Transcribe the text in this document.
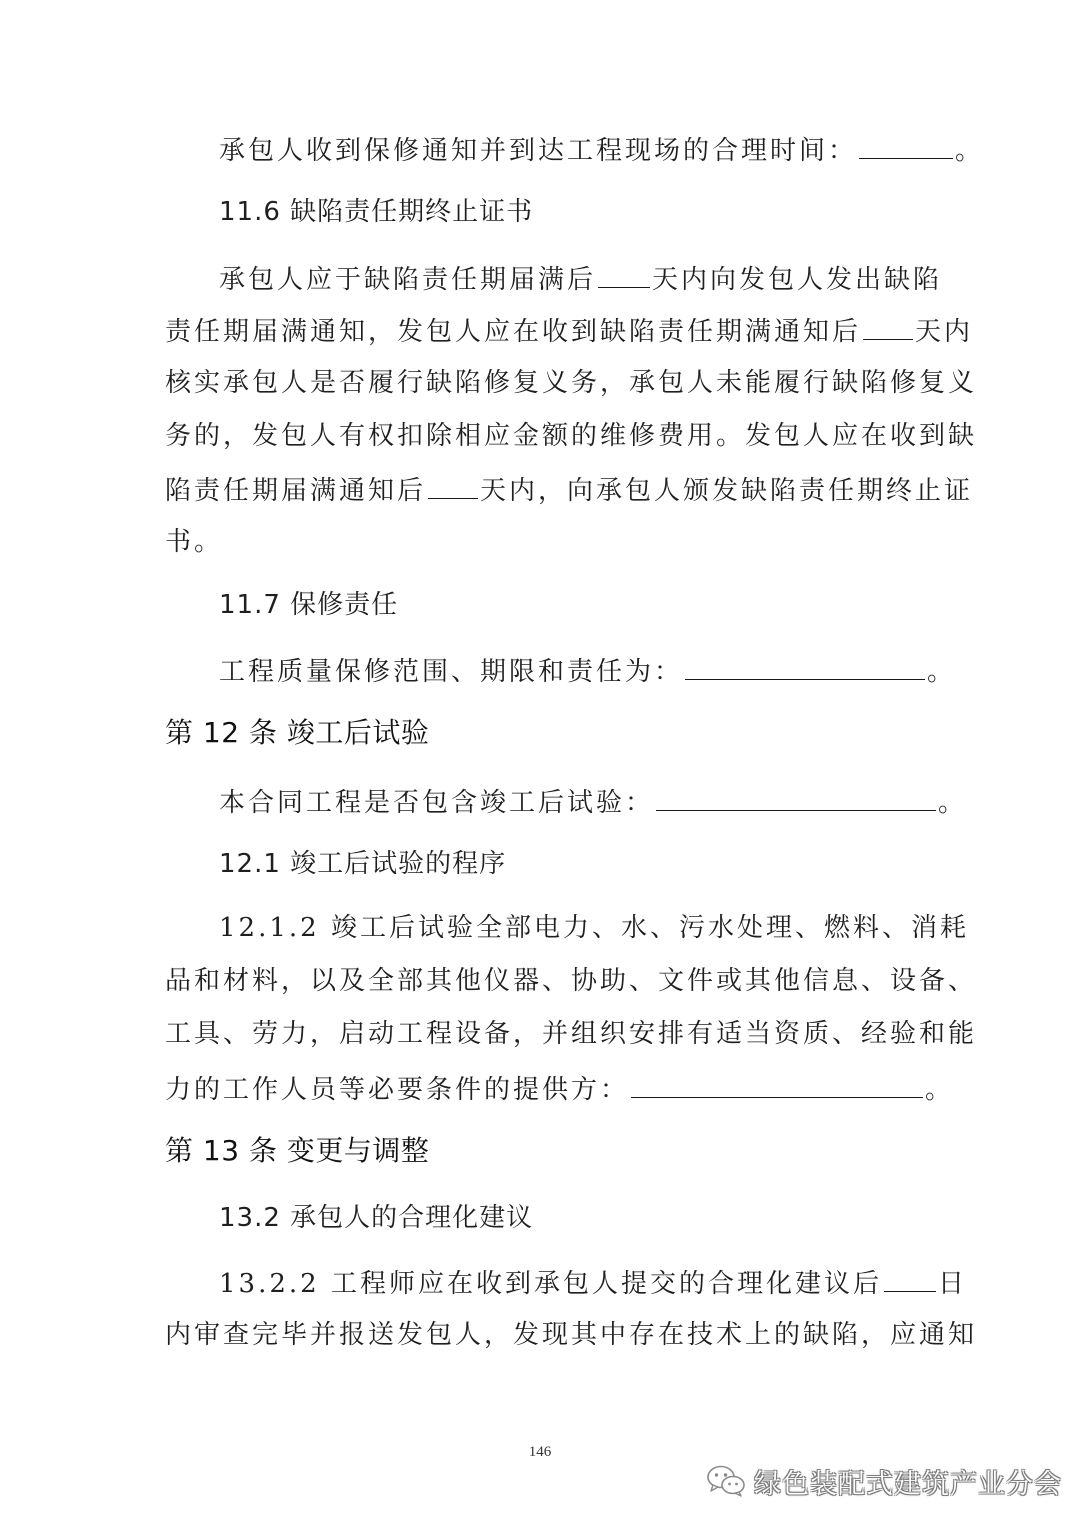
承包人收到保修通知并到达工程现场的合理时间：	。
11.6 缺陷责任期终止证书
承包人应于缺陷责任期届满后 天内向发包人发出缺陷
责任期届满通知，发包人应在收到缺陷责任期满通知后 天内
核实承包人是否履行缺陷修复义务，承包人未能履行缺陷修复义
务的，发包人有权扣除相应金额的维修费用。发包人应在收到缺
陷责任期届满通知后 天内，向承包人颁发缺陷责任期终止证
书。
11.7 保修责任
工程质量保修范围、期限和责任为：	。
第 12 条 竣工后试验
本合同工程是否包含竣工后试验：	。
12.1 竣工后试验的程序
12.1.2 竣工后试验全部电力、水、污水处理、燃料、消耗
品和材料，以及全部其他仪器、协助、文件或其他信息、设备、
工具、劳力，启动工程设备，并组织安排有适当资质、经验和能
力的工作人员等必要条件的提供方：	。
第 13 条 变更与调整
13.2 承包人的合理化建议
13.2.2 工程师应在收到承包人提交的合理化建议后 日
内审查完毕并报送发包人，发现其中存在技术上的缺陷，应通知
146
绿色装配式建筑产业分会
